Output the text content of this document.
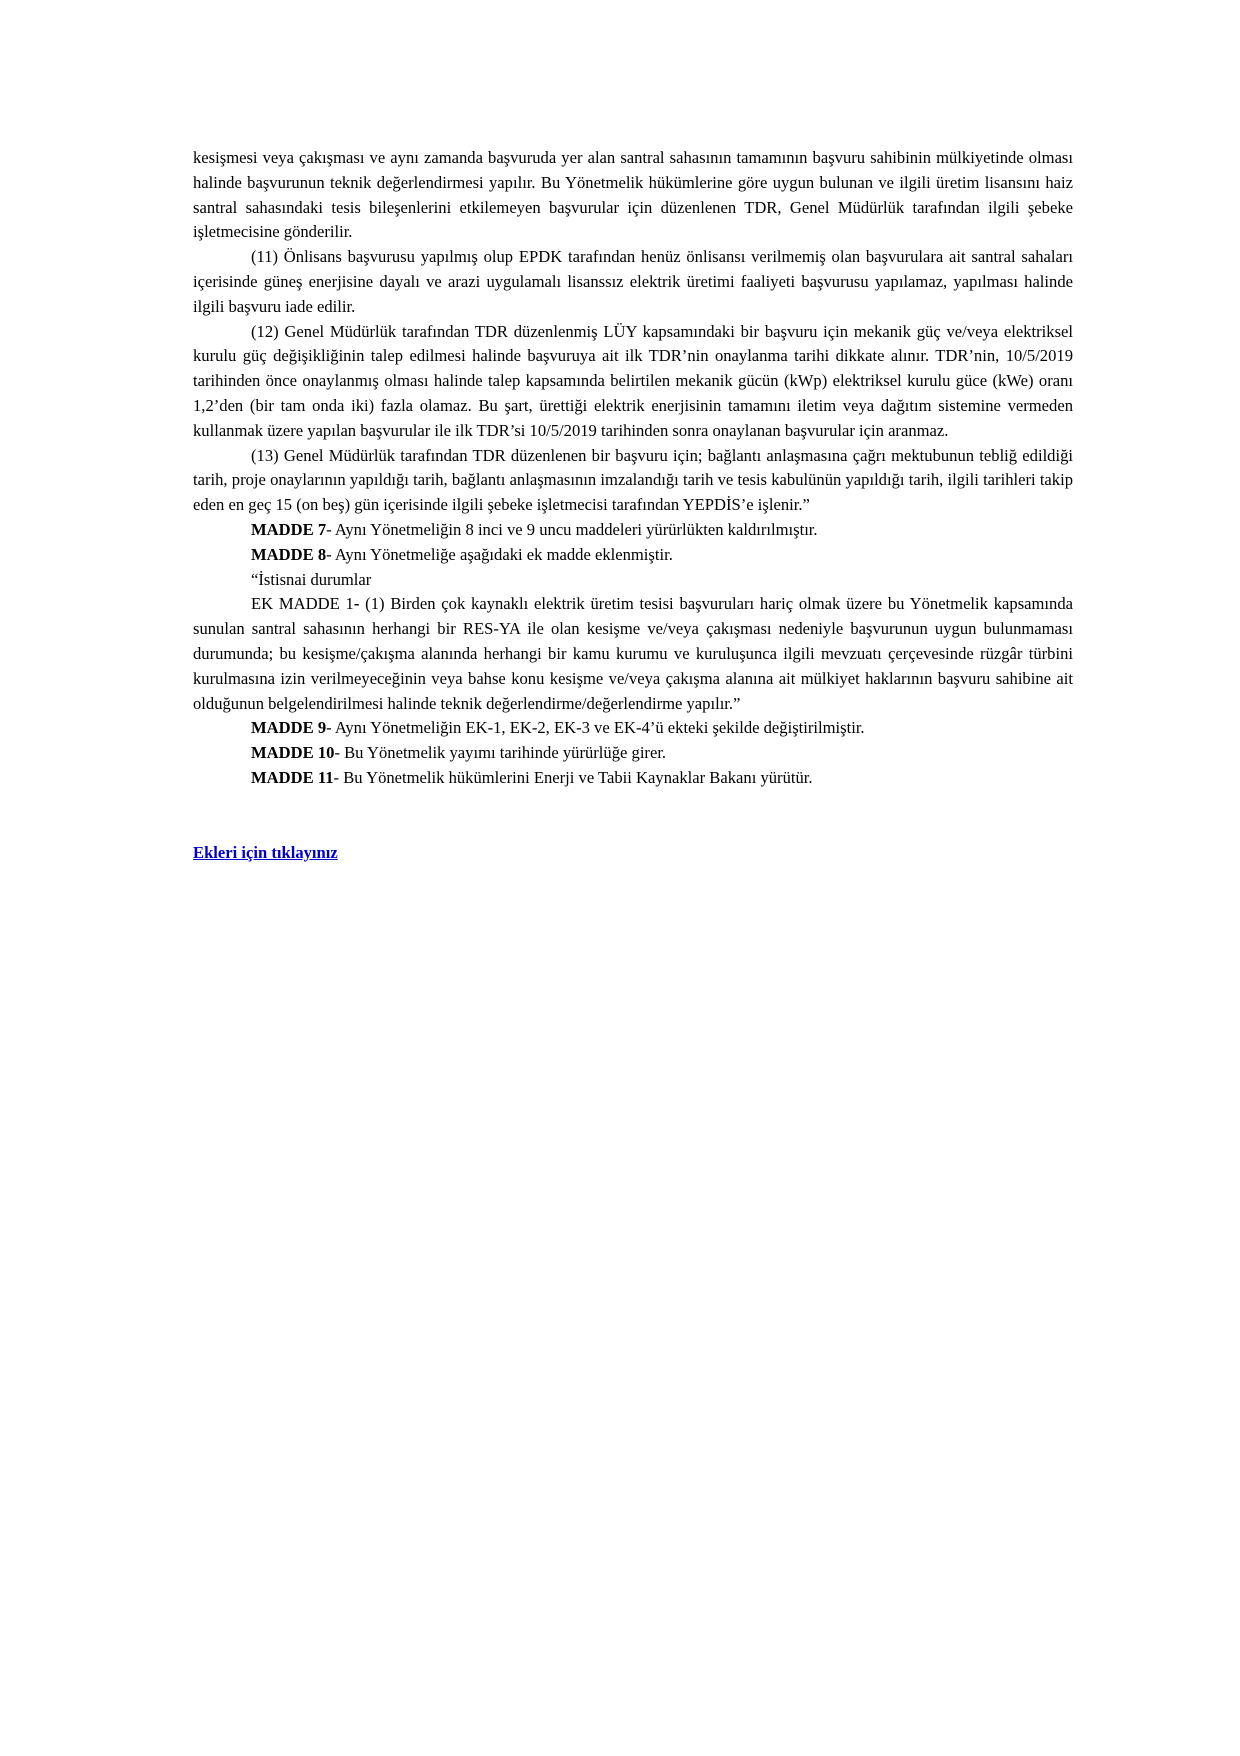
kesişmesi veya çakışması ve aynı zamanda başvuruda yer alan santral sahasının tamamının başvuru sahibinin mülkiyetinde olması halinde başvurunun teknik değerlendirmesi yapılır. Bu Yönetmelik hükümlerine göre uygun bulunan ve ilgili üretim lisansını haiz santral sahasındaki tesis bileşenlerini etkilemeyen başvurular için düzenlenen TDR, Genel Müdürlük tarafından ilgili şebeke işletmecisine gönderilir.

(11) Önlisans başvurusu yapılmış olup EPDK tarafından henüz önlisansı verilmemiş olan başvurulara ait santral sahaları içerisinde güneş enerjisine dayalı ve arazi uygulamalı lisanssız elektrik üretimi faaliyeti başvurusu yapılamaz, yapılması halinde ilgili başvuru iade edilir.

(12) Genel Müdürlük tarafından TDR düzenlenmiş LÜY kapsamındaki bir başvuru için mekanik güç ve/veya elektriksel kurulu güç değişikliğinin talep edilmesi halinde başvuruya ait ilk TDR’nin onaylanma tarihi dikkate alınır. TDR’nin, 10/5/2019 tarihinden önce onaylanmış olması halinde talep kapsamında belirtilen mekanik gücün (kWp) elektriksel kurulu güce (kWe) oranı 1,2’den (bir tam onda iki) fazla olamaz. Bu şart, ürettiği elektrik enerjisinin tamamını iletim veya dağıtım sistemine vermeden kullanmak üzere yapılan başvurular ile ilk TDR’si 10/5/2019 tarihinden sonra onaylanan başvurular için aranmaz.

(13) Genel Müdürlük tarafından TDR düzenlenen bir başvuru için; bağlantı anlaşmasına çağrı mektubunun tebliğ edildiği tarih, proje onaylarının yapıldığı tarih, bağlantı anlaşmasının imzalandığı tarih ve tesis kabulünün yapıldığı tarih, ilgili tarihleri takip eden en geç 15 (on beş) gün içerisinde ilgili şebeke işletmecisi tarafından YEPDİS’e işlenir.”

MADDE 7- Aynı Yönetmeliğin 8 inci ve 9 uncu maddeleri yürürlükten kaldırılmıştır.

MADDE 8- Aynı Yönetmeliğe aşağıdaki ek madde eklenmiştir.

“İstisnai durumlar

EK MADDE 1- (1) Birden çok kaynaklı elektrik üretim tesisi başvuruları hariç olmak üzere bu Yönetmelik kapsamında sunulan santral sahasının herhangi bir RES-YA ile olan kesişme ve/veya çakışması nedeniyle başvurunun uygun bulunmaması durumunda; bu kesişme/çakışma alanında herhangi bir kamu kurumu ve kuruluşunca ilgili mevzuatı çerçevesinde rüzgâr türbini kurulmasına izin verilmeyeceğinin veya bahse konu kesişme ve/veya çakışma alanına ait mülkiyet haklarının başvuru sahibine ait olduğunun belgelendirilmesi halinde teknik değerlendirme/değerlendirme yapılır.”

MADDE 9- Aynı Yönetmeliğin EK-1, EK-2, EK-3 ve EK-4’ü ekteki şekilde değiştirilmiştir.

MADDE 10- Bu Yönetmelik yayımı tarihinde yürürlüğe girer.

MADDE 11- Bu Yönetmelik hükümlerini Enerji ve Tabii Kaynaklar Bakanı yürütür.

Ekleri için tıklayınız
